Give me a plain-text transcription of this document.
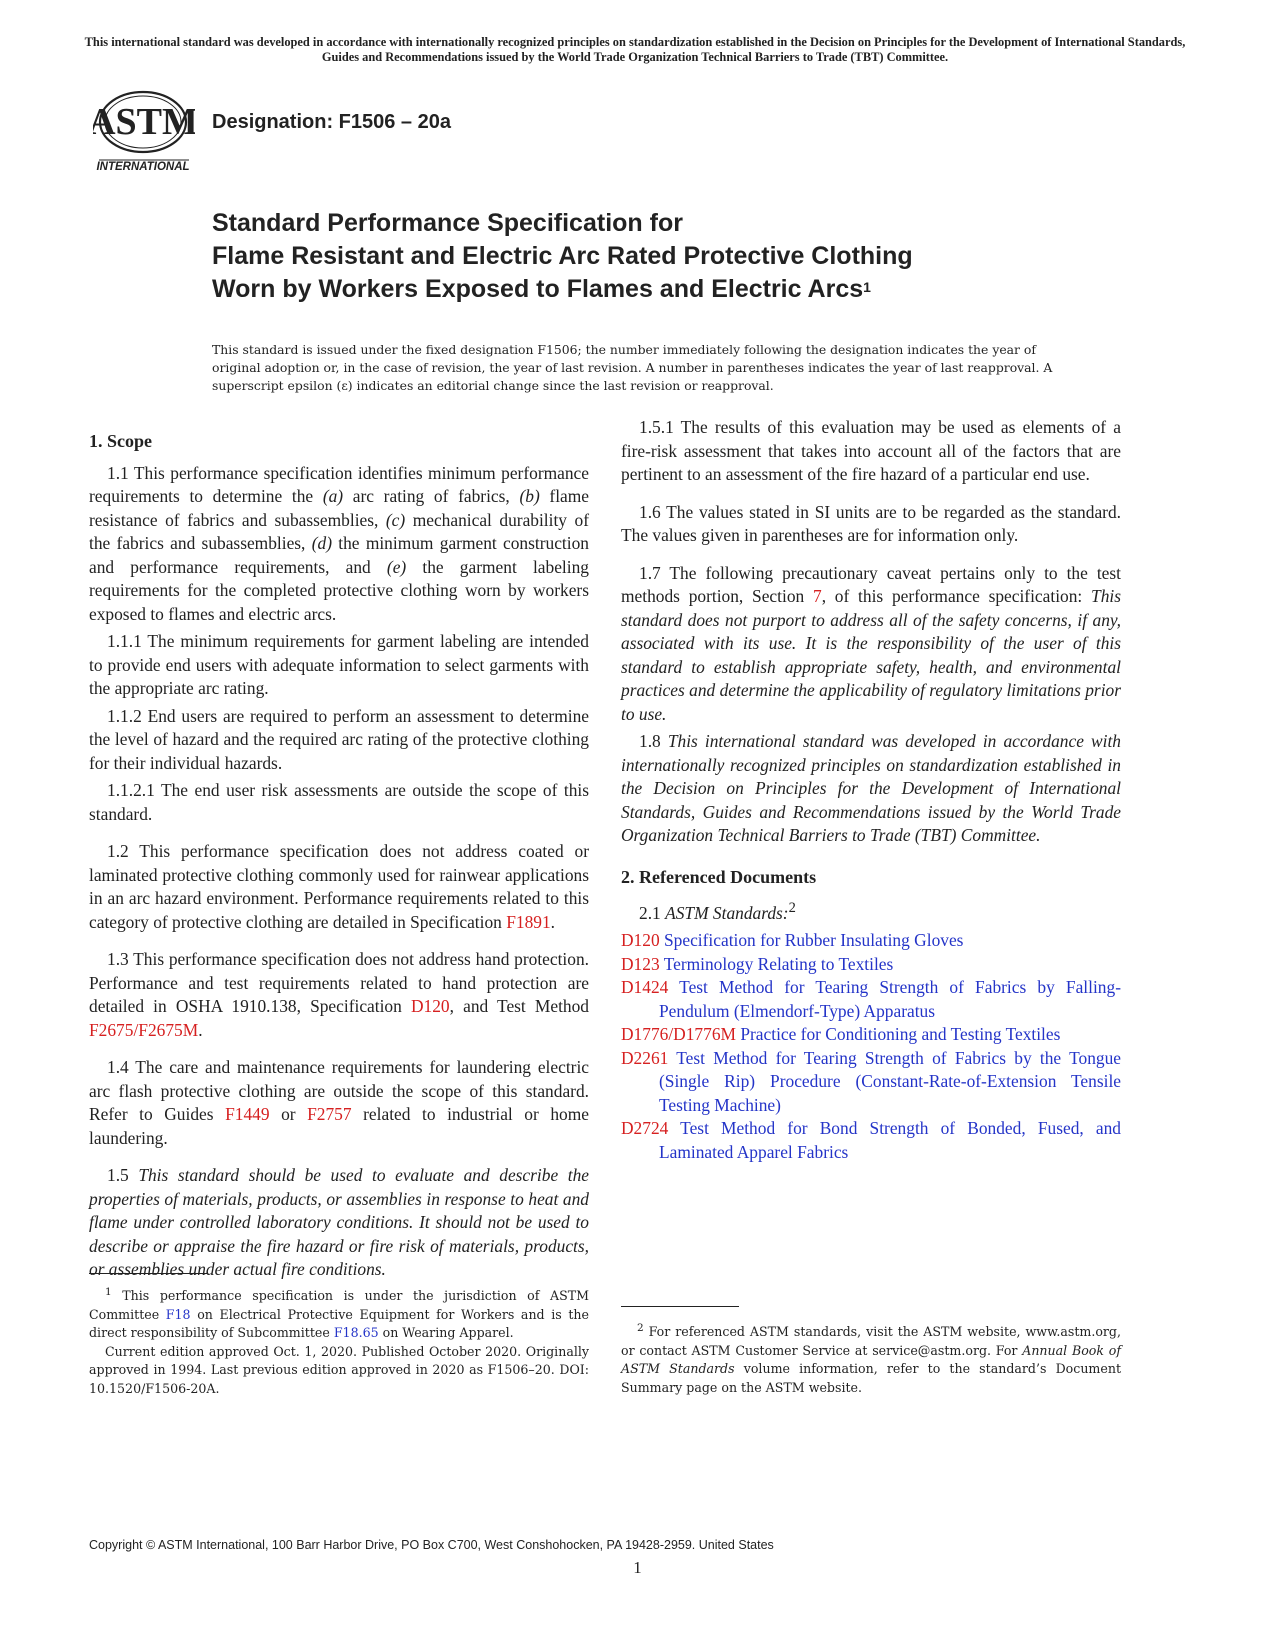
This international standard was developed in accordance with internationally recognized principles on standardization established in the Decision on Principles for the Development of International Standards, Guides and Recommendations issued by the World Trade Organization Technical Barriers to Trade (TBT) Committee.
ASTM
INTERNATIONAL
Designation: F1506 – 20a
Standard Performance Specification for
Flame Resistant and Electric Arc Rated Protective Clothing
Worn by Workers Exposed to Flames and Electric Arcs$^1$
This standard is issued under the fixed designation F1506; the number immediately following the designation indicates the year of original adoption or, in the case of revision, the year of last revision. A number in parentheses indicates the year of last reapproval. A superscript epsilon (ε) indicates an editorial change since the last revision or reapproval.
1. Scope

1.1 This performance specification identifies minimum performance requirements to determine the (a) arc rating of fabrics, (b) flame resistance of fabrics and subassemblies, (c) mechanical durability of the fabrics and subassemblies, (d) the minimum garment construction and performance requirements, and (e) the garment labeling requirements for the completed protective clothing worn by workers exposed to flames and electric arcs.

1.1.1 The minimum requirements for garment labeling are intended to provide end users with adequate information to select garments with the appropriate arc rating.

1.1.2 End users are required to perform an assessment to determine the level of hazard and the required arc rating of the protective clothing for their individual hazards.

1.1.2.1 The end user risk assessments are outside the scope of this standard.

1.2 This performance specification does not address coated or laminated protective clothing commonly used for rainwear applications in an arc hazard environment. Performance requirements related to this category of protective clothing are detailed in Specification F1891.

1.3 This performance specification does not address hand protection. Performance and test requirements related to hand protection are detailed in OSHA 1910.138, Specification D120, and Test Method F2675/F2675M.

1.4 The care and maintenance requirements for laundering electric arc flash protective clothing are outside the scope of this standard. Refer to Guides F1449 or F2757 related to industrial or home laundering.

1.5 This standard should be used to evaluate and describe the properties of materials, products, or assemblies in response to heat and flame under controlled laboratory conditions. It should not be used to describe or appraise the fire hazard or fire risk of materials, products, or assemblies under actual fire conditions.

1.5.1 The results of this evaluation may be used as elements of a fire-risk assessment that takes into account all of the factors that are pertinent to an assessment of the fire hazard of a particular end use.

1.6 The values stated in SI units are to be regarded as the standard. The values given in parentheses are for information only.

1.7 The following precautionary caveat pertains only to the test methods portion, Section 7, of this performance specification: This standard does not purport to address all of the safety concerns, if any, associated with its use. It is the responsibility of the user of this standard to establish appropriate safety, health, and environmental practices and determine the applicability of regulatory limitations prior to use.

1.8 This international standard was developed in accordance with internationally recognized principles on standardization established in the Decision on Principles for the Development of International Standards, Guides and Recommendations issued by the World Trade Organization Technical Barriers to Trade (TBT) Committee.

2. Referenced Documents

2.1 ASTM Standards:$^2$

D120 Specification for Rubber Insulating Gloves
D123 Terminology Relating to Textiles
D1424 Test Method for Tearing Strength of Fabrics by Falling-Pendulum (Elmendorf-Type) Apparatus
D1776/D1776M Practice for Conditioning and Testing Textiles
D2261 Test Method for Tearing Strength of Fabrics by the Tongue (Single Rip) Procedure (Constant-Rate-of-Extension Tensile Testing Machine)
D2724 Test Method for Bond Strength of Bonded, Fused, and Laminated Apparel Fabrics

$^1$ This performance specification is under the jurisdiction of ASTM Committee F18 on Electrical Protective Equipment for Workers and is the direct responsibility of Subcommittee F18.65 on Wearing Apparel.

Current edition approved Oct. 1, 2020. Published October 2020. Originally approved in 1994. Last previous edition approved in 2020 as F1506–20. DOI: 10.1520/F1506-20A.

$^2$ For referenced ASTM standards, visit the ASTM website, www.astm.org, or contact ASTM Customer Service at service@astm.org. For Annual Book of ASTM Standards volume information, refer to the standard’s Document Summary page on the ASTM website.

Copyright © ASTM International, 100 Barr Harbor Drive, PO Box C700, West Conshohocken, PA 19428-2959. United States
1
